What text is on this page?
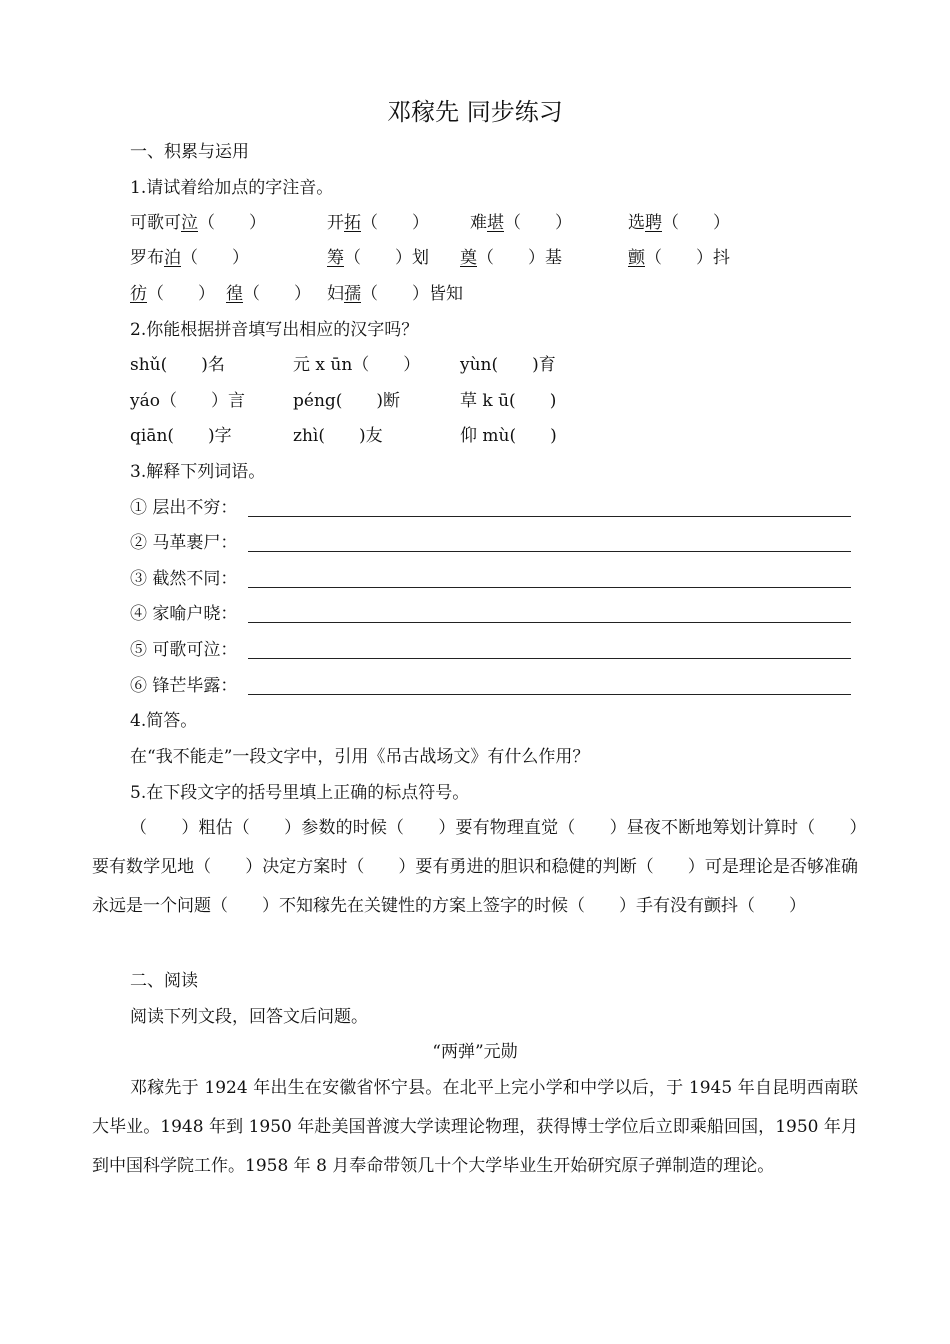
邓稼先 同步练习
一、积累与运用
1.请试着给加点的字注音。
可歌可泣（　　）	开拓（　　） 难堪（　　）	选聘（　　）
罗布泊（　　）	筹（　　）划 奠（　　）基	颤（　　）抖
彷（　　） 徨（　　） 妇孺（　　）皆知
2.你能根据拼音填写出相应的汉字吗？
shǔ(　　)名	元 x ūn（　　） yùn(　　)育
yáo（　　）言	péng(　　)断	草 k ū(　　)
qiān(　　)字	zhì(　　)友	仰 mù(　　)
3.解释下列词语。
① 层出不穷：
② 马革裹尸：
③ 截然不同：
④ 家喻户晓：
⑤ 可歌可泣：
⑥ 锋芒毕露：
4.简答。
在“我不能走”一段文字中，引用《吊古战场文》有什么作用？
5.在下段文字的括号里填上正确的标点符号。
（　　）粗估（　　）参数的时候（　　）要有物理直觉（　　）昼夜不断地筹划计算时（　　）要有数学见地（　　）决定方案时（　　）要有勇进的胆识和稳健的判断（　　）可是理论是否够准确永远是一个问题（　　）不知稼先在关键性的方案上签字的时候（　　）手有没有颤抖（　　）
二、阅读
阅读下列文段，回答文后问题。
“两弹”元勋
邓稼先于 1924 年出生在安徽省怀宁县。在北平上完小学和中学以后，于 1945 年自昆明西南联大毕业。1948 年到 1950 年赴美国普渡大学读理论物理，获得博士学位后立即乘船回国，1950 年月到中国科学院工作。1958 年 8 月奉命带领几十个大学毕业生开始研究原子弹制造的理论。
